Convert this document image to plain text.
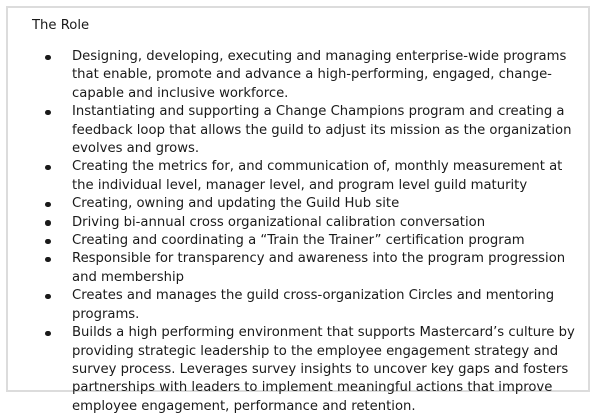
The Role
Designing, developing, executing and managing enterprise-wide programs that enable, promote and advance a high-performing, engaged, change-capable and inclusive workforce.
Instantiating and supporting a Change Champions program and creating a feedback loop that allows the guild to adjust its mission as the organization evolves and grows.
Creating the metrics for, and communication of, monthly measurement at the individual level, manager level, and program level guild maturity
Creating, owning and updating the Guild Hub site
Driving bi-annual cross organizational calibration conversation
Creating and coordinating a “Train the Trainer” certification program
Responsible for transparency and awareness into the program progression and membership
Creates and manages the guild cross-organization Circles and mentoring programs.
Builds a high performing environment that supports Mastercard’s culture by providing strategic leadership to the employee engagement strategy and survey process. Leverages survey insights to uncover key gaps and fosters partnerships with leaders to implement meaningful actions that improve employee engagement, performance and retention.
